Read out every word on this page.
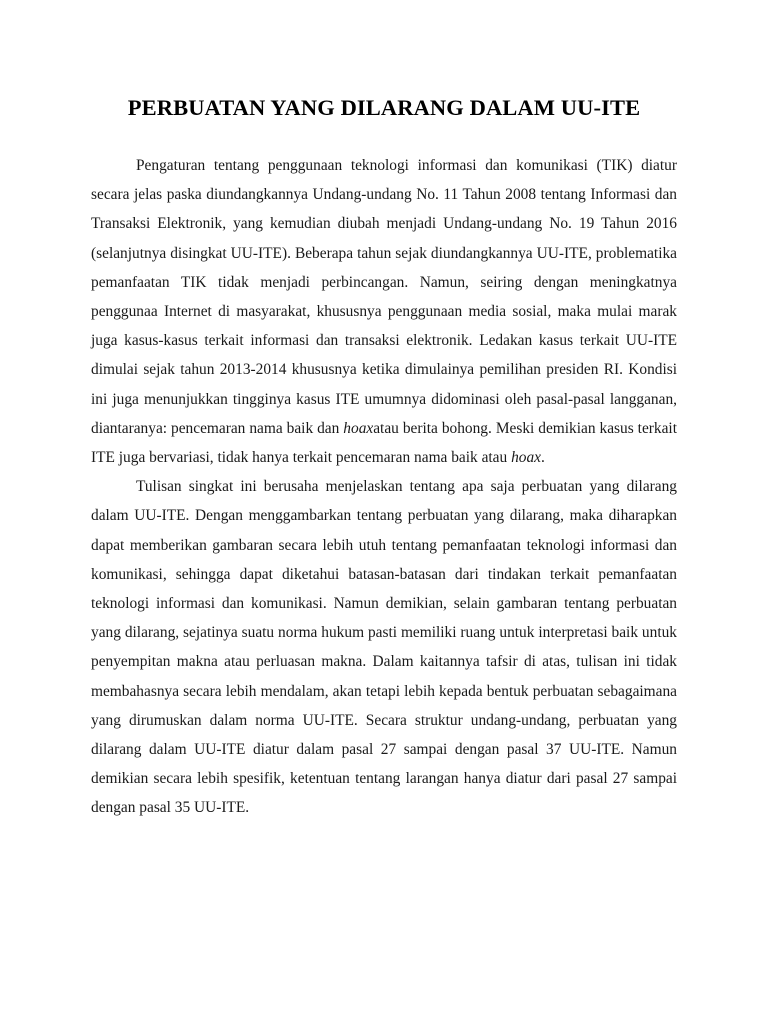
PERBUATAN YANG DILARANG DALAM UU-ITE

Pengaturan tentang penggunaan teknologi informasi dan komunikasi (TIK) diatur secara jelas paska diundangkannya Undang-undang No. 11 Tahun 2008 tentang Informasi dan Transaksi Elektronik, yang kemudian diubah menjadi Undang-undang No. 19 Tahun 2016 (selanjutnya disingkat UU-ITE). Beberapa tahun sejak diundangkannya UU-ITE, problematika pemanfaatan TIK tidak menjadi perbincangan. Namun, seiring dengan meningkatnya penggunaa Internet di masyarakat, khususnya penggunaan media sosial, maka mulai marak juga kasus-kasus terkait informasi dan transaksi elektronik. Ledakan kasus terkait UU-ITE dimulai sejak tahun 2013-2014 khususnya ketika dimulainya pemilihan presiden RI. Kondisi ini juga menunjukkan tingginya kasus ITE umumnya didominasi oleh pasal-pasal langganan, diantaranya: pencemaran nama baik dan hoaxatau berita bohong. Meski demikian kasus terkait ITE juga bervariasi, tidak hanya terkait pencemaran nama baik atau hoax.

Tulisan singkat ini berusaha menjelaskan tentang apa saja perbuatan yang dilarang dalam UU-ITE. Dengan menggambarkan tentang perbuatan yang dilarang, maka diharapkan dapat memberikan gambaran secara lebih utuh tentang pemanfaatan teknologi informasi dan komunikasi, sehingga dapat diketahui batasan-batasan dari tindakan terkait pemanfaatan teknologi informasi dan komunikasi. Namun demikian, selain gambaran tentang perbuatan yang dilarang, sejatinya suatu norma hukum pasti memiliki ruang untuk interpretasi baik untuk penyempitan makna atau perluasan makna. Dalam kaitannya tafsir di atas, tulisan ini tidak membahasnya secara lebih mendalam, akan tetapi lebih kepada bentuk perbuatan sebagaimana yang dirumuskan dalam norma UU-ITE. Secara struktur undang-undang, perbuatan yang dilarang dalam UU-ITE diatur dalam pasal 27 sampai dengan pasal 37 UU-ITE. Namun demikian secara lebih spesifik, ketentuan tentang larangan hanya diatur dari pasal 27 sampai dengan pasal 35 UU-ITE.
